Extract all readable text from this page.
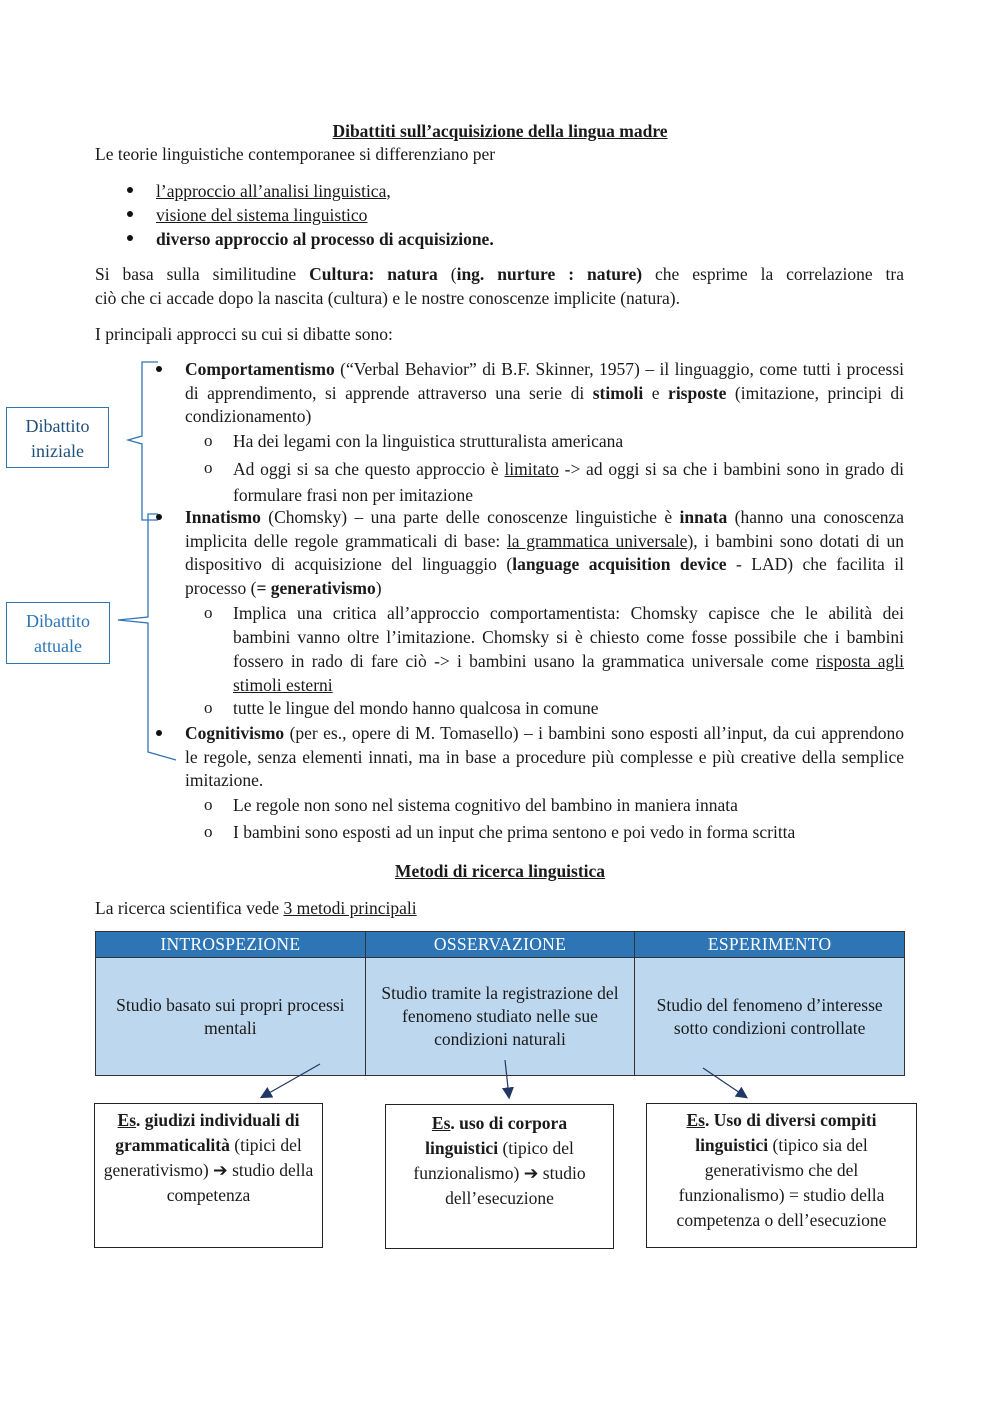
Dibattiti sull’acquisizione della lingua madre
Le teorie linguistiche contemporanee si differenziano per
l’approccio all’analisi linguistica,
visione del sistema linguistico
diverso approccio al processo di acquisizione.
Si basa sulla similitudine Cultura: natura (ing. nurture : nature) che esprime la correlazione tra
ciò che ci accade dopo la nascita (cultura) e le nostre conoscenze implicite (natura).
I principali approcci su cui si dibatte sono:
Dibattito
iniziale
Dibattito
attuale
Comportamentismo (“Verbal Behavior” di B.F. Skinner, 1957) – il linguaggio, come tutti i processi di apprendimento, si apprende attraverso una serie di stimoli e risposte (imitazione, principi di condizionamento)
o Ha dei legami con la linguistica strutturalista americana
o Ad oggi si sa che questo approccio è limitato -> ad oggi si sa che i bambini sono in grado di formulare frasi non per imitazione
Innatismo (Chomsky) – una parte delle conoscenze linguistiche è innata (hanno una conoscenza implicita delle regole grammaticali di base: la grammatica universale), i bambini sono dotati di un dispositivo di acquisizione del linguaggio (language acquisition device - LAD) che facilita il processo (= generativismo)
o Implica una critica all’approccio comportamentista: Chomsky capisce che le abilità dei bambini vanno oltre l’imitazione. Chomsky si è chiesto come fosse possibile che i bambini fossero in rado di fare ciò -> i bambini usano la grammatica universale come risposta agli stimoli esterni
o tutte le lingue del mondo hanno qualcosa in comune
Cognitivismo (per es., opere di M. Tomasello) – i bambini sono esposti all’input, da cui apprendono le regole, senza elementi innati, ma in base a procedure più complesse e più creative della semplice imitazione.
o Le regole non sono nel sistema cognitivo del bambino in maniera innata
o I bambini sono esposti ad un input che prima sentono e poi vedo in forma scritta
Metodi di ricerca linguistica
La ricerca scientifica vede 3 metodi principali
INTROSPEZIONE	OSSERVAZIONE	ESPERIMENTO
Studio basato sui propri processi mentali	Studio tramite la registrazione del fenomeno studiato nelle sue condizioni naturali	Studio del fenomeno d’interesse sotto condizioni controllate
Es. giudizi individuali di grammaticalità (tipici del generativismo) ➔ studio della competenza
Es. uso di corpora linguistici (tipico del funzionalismo) ➔ studio dell’esecuzione
Es. Uso di diversi compiti linguistici (tipico sia del generativismo che del funzionalismo) = studio della competenza o dell’esecuzione
